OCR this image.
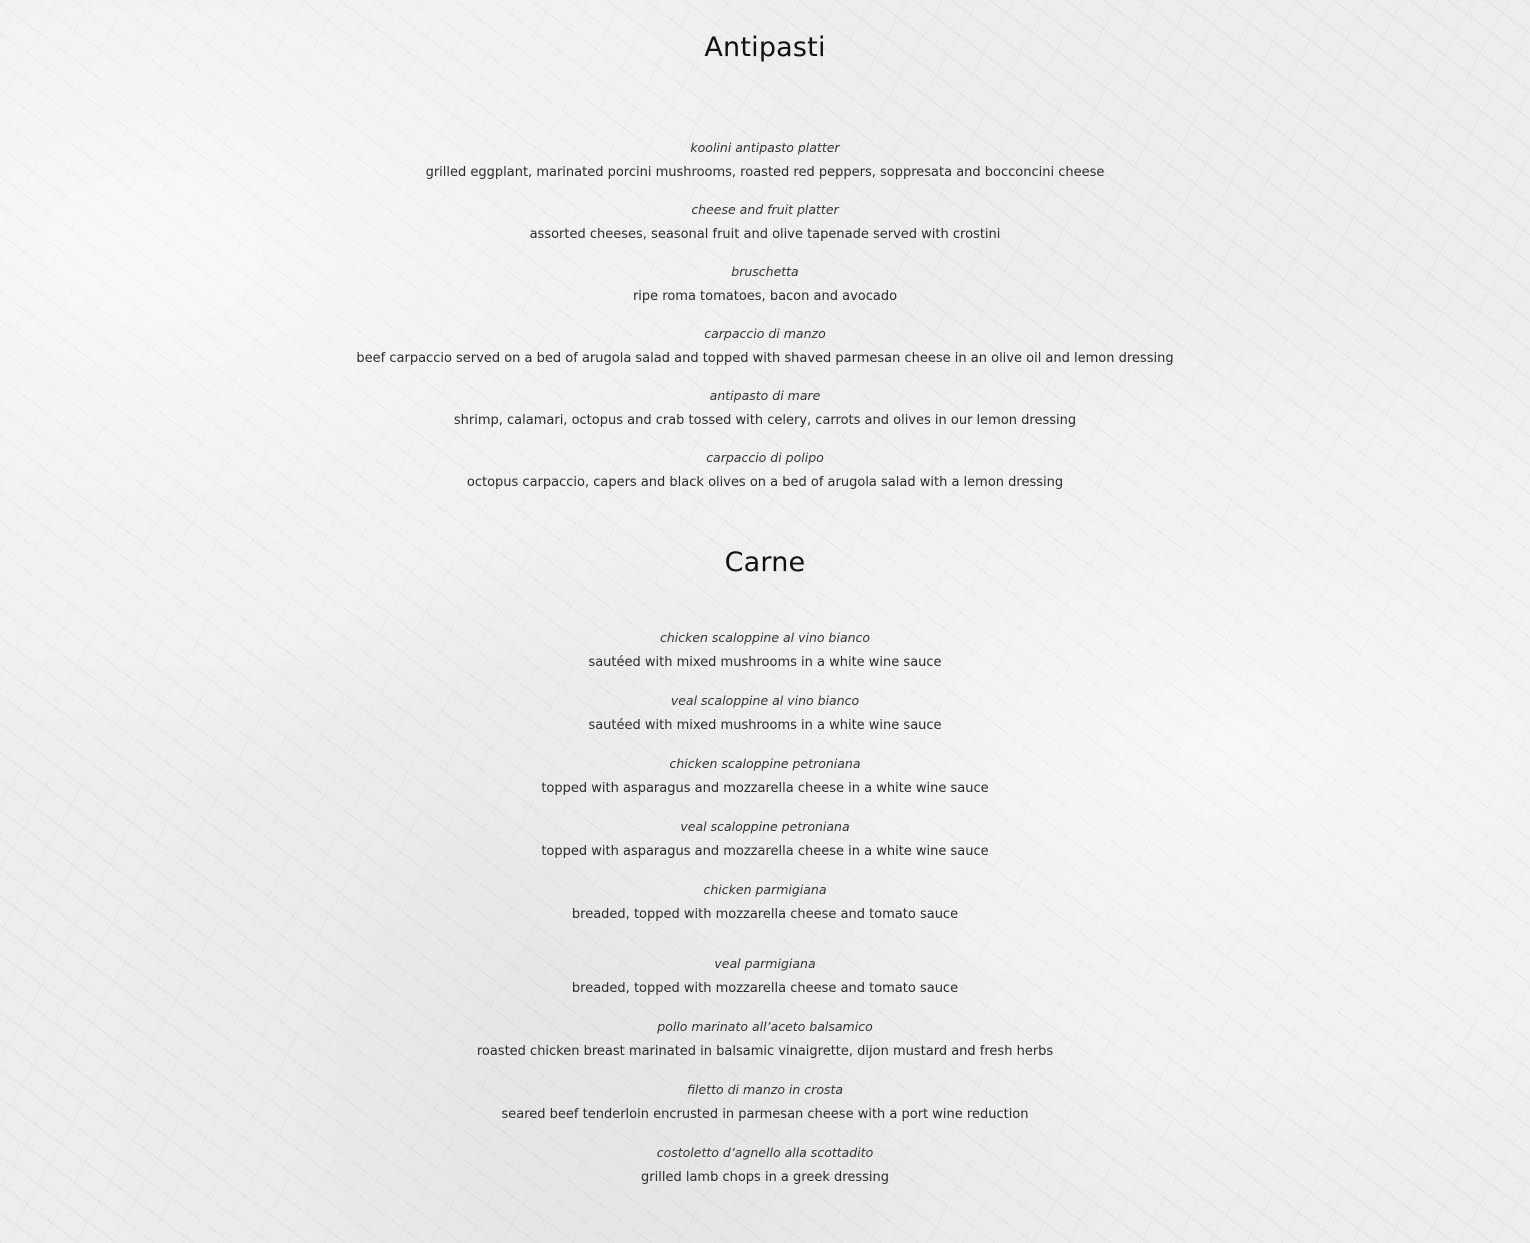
Antipasti
koolini antipasto platter
grilled eggplant, marinated porcini mushrooms, roasted red peppers, soppresata and bocconcini cheese
cheese and fruit platter
assorted cheeses, seasonal fruit and olive tapenade served with crostini
bruschetta
ripe roma tomatoes, bacon and avocado
carpaccio di manzo
beef carpaccio served on a bed of arugola salad and topped with shaved parmesan cheese in an olive oil and lemon dressing
antipasto di mare
shrimp, calamari, octopus and crab tossed with celery, carrots and olives in our lemon dressing
carpaccio di polipo
octopus carpaccio, capers and black olives on a bed of arugola salad with a lemon dressing
Carne
chicken scaloppine al vino bianco
sautéed with mixed mushrooms in a white wine sauce
veal scaloppine al vino bianco
sautéed with mixed mushrooms in a white wine sauce
chicken scaloppine petroniana
topped with asparagus and mozzarella cheese in a white wine sauce
veal scaloppine petroniana
topped with asparagus and mozzarella cheese in a white wine sauce
chicken parmigiana
breaded, topped with mozzarella cheese and tomato sauce
veal parmigiana
breaded, topped with mozzarella cheese and tomato sauce
pollo marinato all’aceto balsamico
roasted chicken breast marinated in balsamic vinaigrette, dijon mustard and fresh herbs
filetto di manzo in crosta
seared beef tenderloin encrusted in parmesan cheese with a port wine reduction
costoletto d’agnello alla scottadito
grilled lamb chops in a greek dressing
